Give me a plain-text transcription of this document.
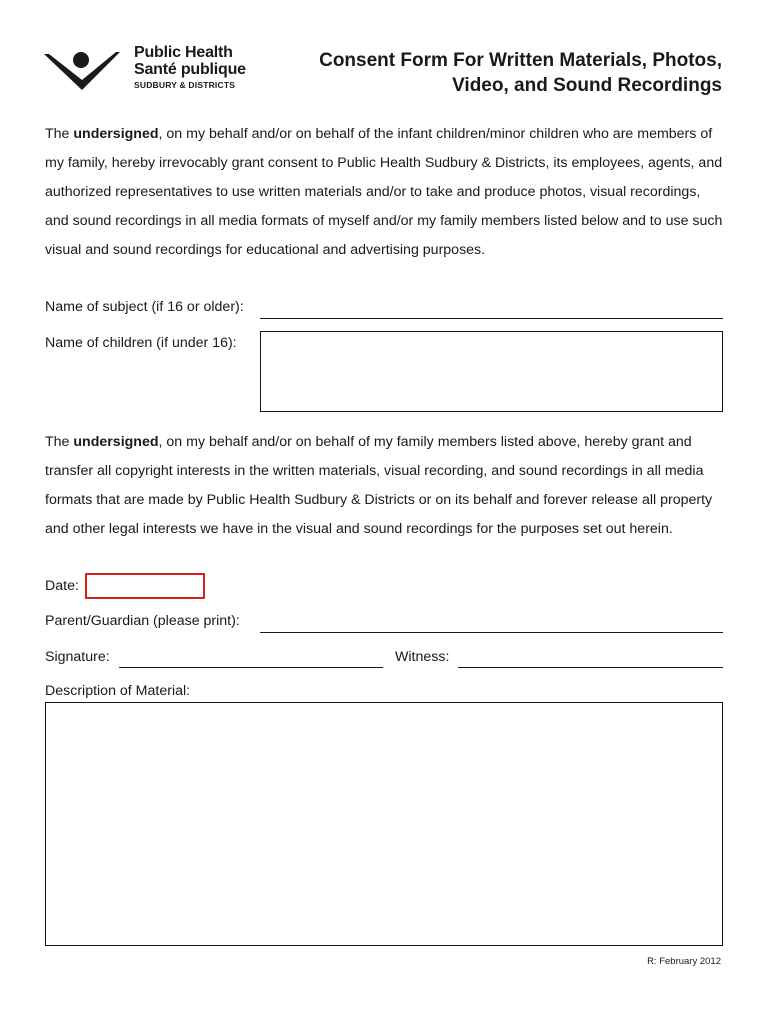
Public Health
Santé publique
SUDBURY & DISTRICTS
Consent Form For Written Materials, Photos,
Video, and Sound Recordings
The undersigned, on my behalf and/or on behalf of the infant children/minor children who are members of my family, hereby irrevocably grant consent to Public Health Sudbury & Districts, its employees, agents, and authorized representatives to use written materials and/or to take and produce photos, visual recordings, and sound recordings in all media formats of myself and/or my family members listed below and to use such visual and sound recordings for educational and advertising purposes.
Name of subject (if 16 or older):
Name of children (if under 16):
The undersigned, on my behalf and/or on behalf of my family members listed above, hereby grant and transfer all copyright interests in the written materials, visual recording, and sound recordings in all media formats that are made by Public Health Sudbury & Districts or on its behalf and forever release all property and other legal interests we have in the visual and sound recordings for the purposes set out herein.
Date:
Parent/Guardian (please print):
Signature:	Witness:
Description of Material:
R: February 2012
